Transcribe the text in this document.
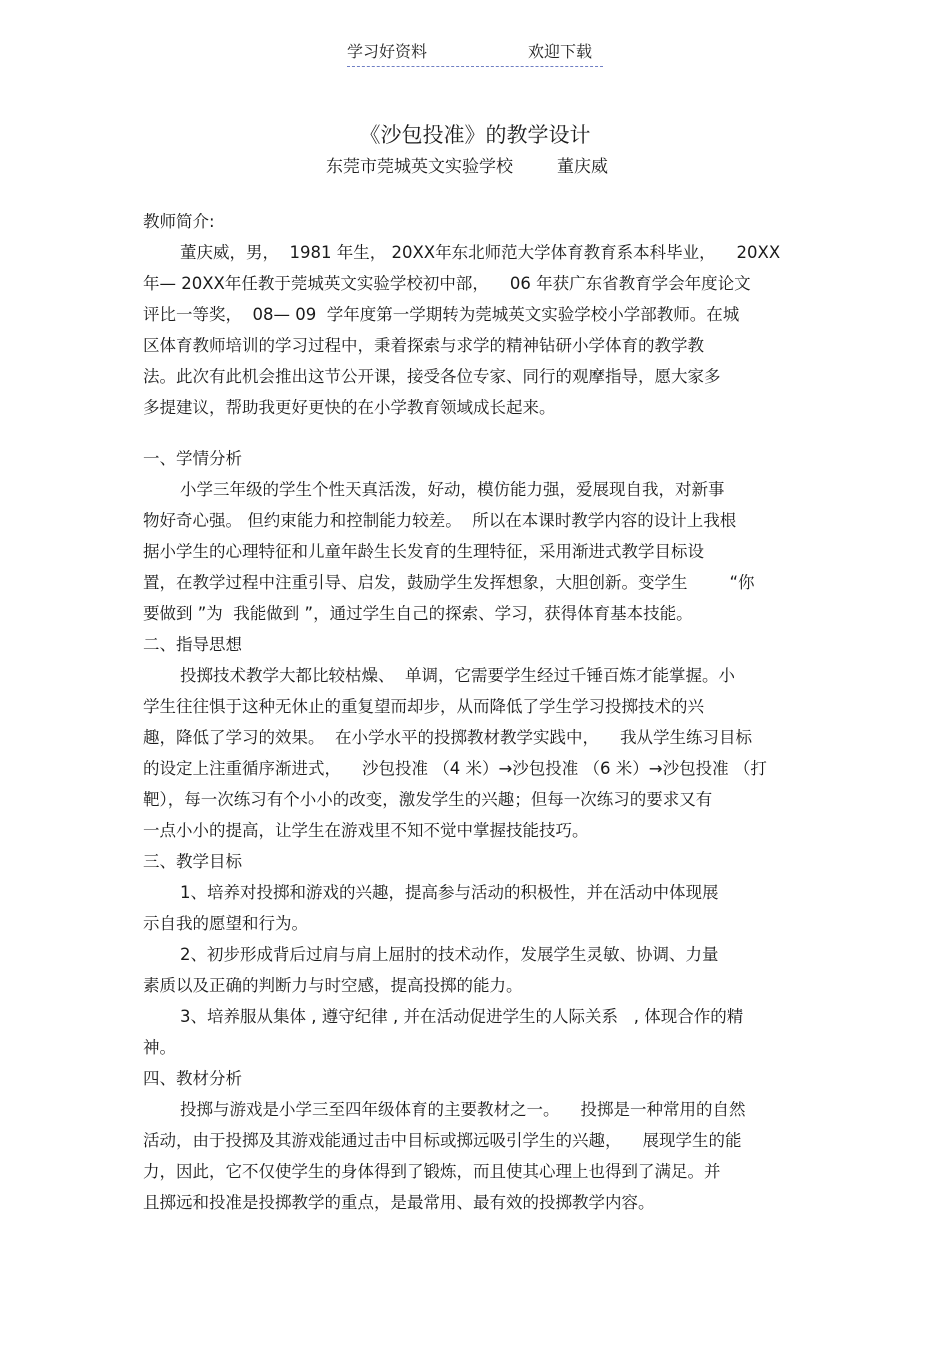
学习好资料	欢迎下载
《沙包投准》的教学设计
东莞市莞城英文实验学校	董庆威
教师简介:
董庆威，男，  1981 年生， 20XX年东北师范大学体育教育系本科毕业，    20XX
年— 20XX年任教于莞城英文实验学校初中部，    06 年获广东省教育学会年度论文
评比一等奖，  08— 09  学年度第一学期转为莞城英文实验学校小学部教师。在城
区体育教师培训的学习过程中，秉着探索与求学的精神钻研小学体育的教学教
法。此次有此机会推出这节公开课，接受各位专家、同行的观摩指导，愿大家多
多提建议，帮助我更好更快的在小学教育领域成长起来。
一、学情分析
小学三年级的学生个性天真活泼，好动，模仿能力强，爱展现自我，对新事
物好奇心强。 但约束能力和控制能力较差。  所以在本课时教学内容的设计上我根
据小学生的心理特征和儿童年龄生长发育的生理特征，采用渐进式教学目标设
置，在教学过程中注重引导、启发，鼓励学生发挥想象，大胆创新。变学生        “你
要做到 ”为  我能做到 ”，通过学生自己的探索、学习，获得体育基本技能。
二、指导思想
投掷技术教学大都比较枯燥、  单调，它需要学生经过千锤百炼才能掌握。小
学生往往惧于这种无休止的重复望而却步，从而降低了学生学习投掷技术的兴
趣，降低了学习的效果。  在小学水平的投掷教材教学实践中，    我从学生练习目标
的设定上注重循序渐进式，    沙包投准 （4 米）→沙包投准 （6 米）→沙包投准 （打
靶），每一次练习有个小小的改变，激发学生的兴趣；但每一次练习的要求又有
一点小小的提高，让学生在游戏里不知不觉中掌握技能技巧。
三、教学目标
1、培养对投掷和游戏的兴趣，提高参与活动的积极性，并在活动中体现展
示自我的愿望和行为。
2、初步形成背后过肩与肩上屈肘的技术动作，发展学生灵敏、协调、力量
素质以及正确的判断力与时空感，提高投掷的能力。
3、培养服从集体 , 遵守纪律 , 并在活动促进学生的人际关系   , 体现合作的精
神。
四、教材分析
投掷与游戏是小学三至四年级体育的主要教材之一。    投掷是一种常用的自然
活动，由于投掷及其游戏能通过击中目标或掷远吸引学生的兴趣，    展现学生的能
力，因此，它不仅使学生的身体得到了锻炼，而且使其心理上也得到了满足。并
且掷远和投准是投掷教学的重点，是最常用、最有效的投掷教学内容。
